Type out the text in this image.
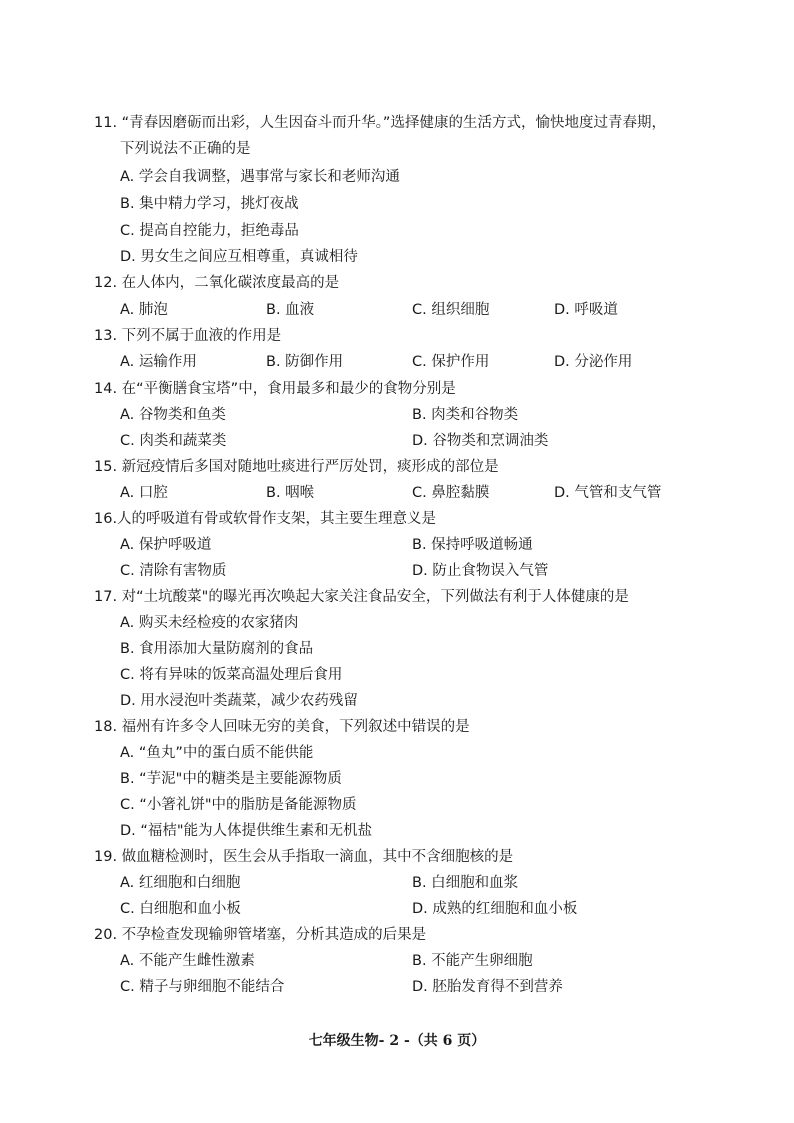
11. “青春因磨砺而出彩，人生因奋斗而升华。”选择健康的生活方式，愉快地度过青春期，
下列说法不正确的是
A. 学会自我调整，遇事常与家长和老师沟通
B. 集中精力学习，挑灯夜战
C. 提高自控能力，拒绝毒品
D. 男女生之间应互相尊重，真诚相待
12. 在人体内，二氧化碳浓度最高的是
A. 肺泡	B. 血液	C. 组织细胞	D. 呼吸道
13. 下列不属于血液的作用是
A. 运输作用	B. 防御作用	C. 保护作用	D. 分泌作用
14. 在“平衡膳食宝塔”中，食用最多和最少的食物分别是
A. 谷物类和鱼类	B. 肉类和谷物类
C. 肉类和蔬菜类	D. 谷物类和烹调油类
15. 新冠疫情后多国对随地吐痰进行严厉处罚，痰形成的部位是
A. 口腔	B. 咽喉	C. 鼻腔黏膜	D. 气管和支气管
16.人的呼吸道有骨或软骨作支架，其主要生理意义是
A. 保护呼吸道	B. 保持呼吸道畅通
C. 清除有害物质	D. 防止食物误入气管
17. 对“土坑酸菜"的曝光再次唤起大家关注食品安全，下列做法有利于人体健康的是
A. 购买未经检疫的农家猪肉
B. 食用添加大量防腐剂的食品
C. 将有异味的饭菜高温处理后食用
D. 用水浸泡叶类蔬菜，减少农药残留
18. 福州有许多令人回味无穷的美食，下列叙述中错误的是
A. “鱼丸”中的蛋白质不能供能
B. “芋泥"中的糖类是主要能源物质
C. “小箸礼饼"中的脂肪是备能源物质
D. “福桔"能为人体提供维生素和无机盐
19. 做血糖检测时，医生会从手指取一滴血，其中不含细胞核的是
A. 红细胞和白细胞	B. 白细胞和血浆
C. 白细胞和血小板	D. 成熟的红细胞和血小板
20. 不孕检查发现输卵管堵塞，分析其造成的后果是
A. 不能产生雌性激素	B. 不能产生卵细胞
C. 精子与卵细胞不能结合	D. 胚胎发育得不到营养
七年级生物- 2 -（共 6 页）
